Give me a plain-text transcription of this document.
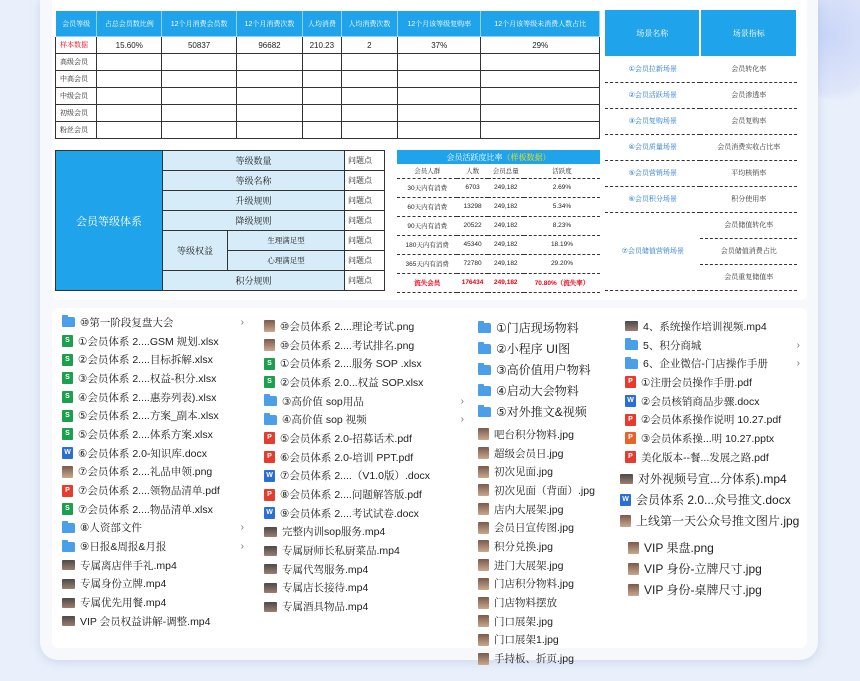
会员等级	占总会员数比例	12个月消费会员数	12个月消费次数	人均消费	人均消费次数	12个月该等级复购率	12个月该等级未消费人数占比
样本数据	15.60%	50837	96682	210.23	2	37%	29%
高级会员							
中高会员							
中级会员							
初级会员							
粉丝会员							
场景名称	场景指标
①会员拉新场景	会员转化率
②会员活跃场景	会员渗透率
③会员复购场景	会员复购率
④会员质量场景	会员消费实收占比率
⑤会员营销场景	平均核销率
⑥会员积分场景	积分使用率
⑦会员储值营销场景	会员储值转化率
	会员储值消费占比
	会员重复储值率
会员等级体系	等级数量		问题点
	等级名称		问题点
	升级规则		问题点
	降级规则		问题点
	等级权益	生理满足型	问题点
		心理满足型	问题点
	积分规则		问题点
会员活跃度比率（样板数据）			
会员人群	人数	会员总量	活跃度
30天内有消费	6703	249,182	2.69%
60天内有消费	13298	249,182	5.34%
90天内有消费	20522	249,182	8.23%
180天内有消费	45340	249,182	18.19%
365天内有消费	72780	249,182	29.20%
流失会员	176434	249,182	70.80%（流失率）
⑩第一阶段复盘大会	›
S ①会员体系 2....GSM 规划.xlsx
S ②会员体系 2....目标拆解.xlsx
S ③会员体系 2....权益-积分.xlsx
S ④会员体系 2....惠券列表).xlsx
S ⑤会员体系 2....方案_副本.xlsx
S ⑤会员体系 2....体系方案.xlsx
W ⑥会员体系 2.0-知识库.docx
⑦会员体系 2....礼品申领.png
P ⑦会员体系 2....领物品清单.pdf
S ⑦会员体系 2....物品清单.xlsx
⑧人资部文件	›
⑨日报&周报&月报	›
专属离店伴手礼.mp4
专属身份立牌.mp4
专属优先用餐.mp4
VIP 会员权益讲解-调整.mp4
⑩会员体系 2....理论考试.png
⑩会员体系 2....考试排名.png
S ①会员体系 2....服务 SOP .xlsx
S ②会员体系 2.0...权益 SOP.xlsx
③高价值 sop用品	›
④高价值 sop 视频	›
P ⑤会员体系 2.0-招募话术.pdf
P ⑥会员体系 2.0-培训 PPT.pdf
W ⑦会员体系 2....（V1.0版）.docx
P ⑧会员体系 2....问题解答版.pdf
W ⑨会员体系 2....考试试卷.docx
完整内训sop服务.mp4
专属厨师长私厨菜品.mp4
专属代驾服务.mp4
专属店长接待.mp4
专属酒具物品.mp4
①门店现场物料
②小程序 UI图
③高价值用户物料
④启动大会物料
⑤对外推文&视频
吧台积分物料.jpg
超级会员日.jpg
初次见面.jpg
初次见面（背面）.jpg
店内大展架.jpg
会员日宣传图.jpg
积分兑换.jpg
进门大展架.jpg
门店积分物料.jpg
门店物料摆放
门口展架.jpg
门口展架1.jpg
手持板、折页.jpg
4、系统操作培训视频.mp4
5、积分商城	›
6、企业微信-门店操作手册	›
P ①注册会员操作手册.pdf
W ②会员核销商品步骤.docx
P ②会员体系操作说明 10.27.pdf
P ③会员体系操...明 10.27.pptx
P 美化版本--餐...发展之路.pdf
对外视频号宣...分体系).mp4
W 会员体系 2.0...众号推文.docx
上线第一天公众号推文图片.jpg
VIP 果盘.png
VIP 身份-立牌尺寸.jpg
VIP 身份-桌牌尺寸.jpg
